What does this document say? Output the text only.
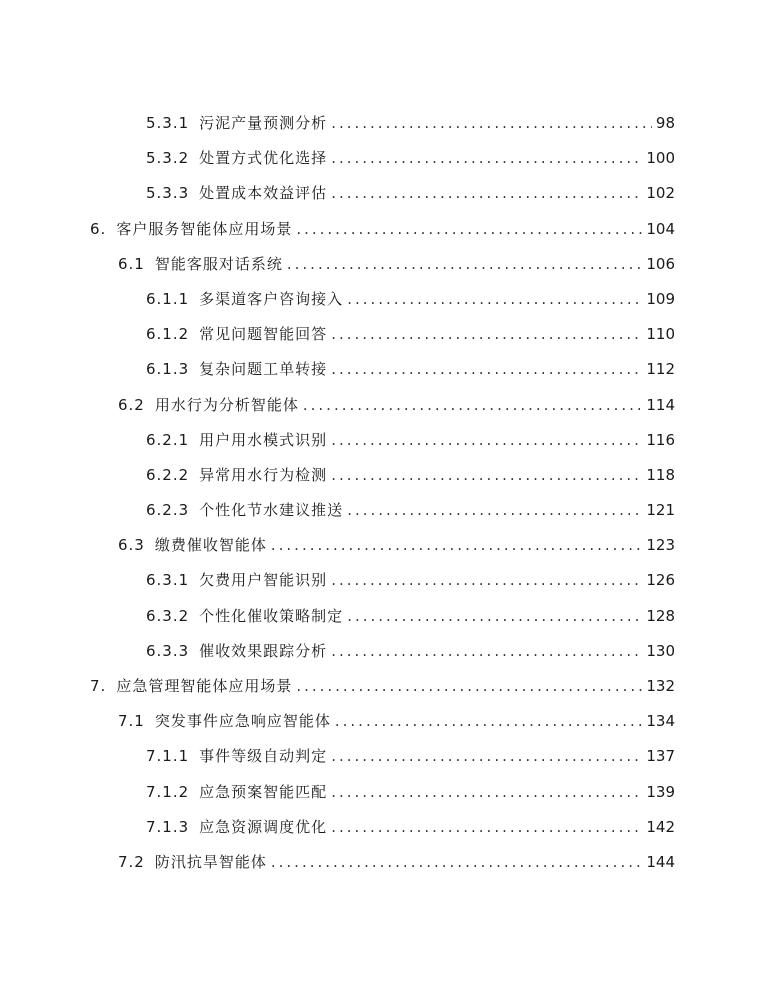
5.3.1 污泥产量预测分析 .....	98
5.3.2 处置方式优化选择 .....	100
5.3.3 处置成本效益评估 .....	102
6. 客户服务智能体应用场景 .....	104
6.1 智能客服对话系统 .....	106
6.1.1 多渠道客户咨询接入 .....	109
6.1.2 常见问题智能回答 .....	110
6.1.3 复杂问题工单转接 .....	112
6.2 用水行为分析智能体 .....	114
6.2.1 用户用水模式识别 .....	116
6.2.2 异常用水行为检测 .....	118
6.2.3 个性化节水建议推送 .....	121
6.3 缴费催收智能体 .....	123
6.3.1 欠费用户智能识别 .....	126
6.3.2 个性化催收策略制定 .....	128
6.3.3 催收效果跟踪分析 .....	130
7. 应急管理智能体应用场景 .....	132
7.1 突发事件应急响应智能体 .....	134
7.1.1 事件等级自动判定 .....	137
7.1.2 应急预案智能匹配 .....	139
7.1.3 应急资源调度优化 .....	142
7.2 防汛抗旱智能体 .....	144
